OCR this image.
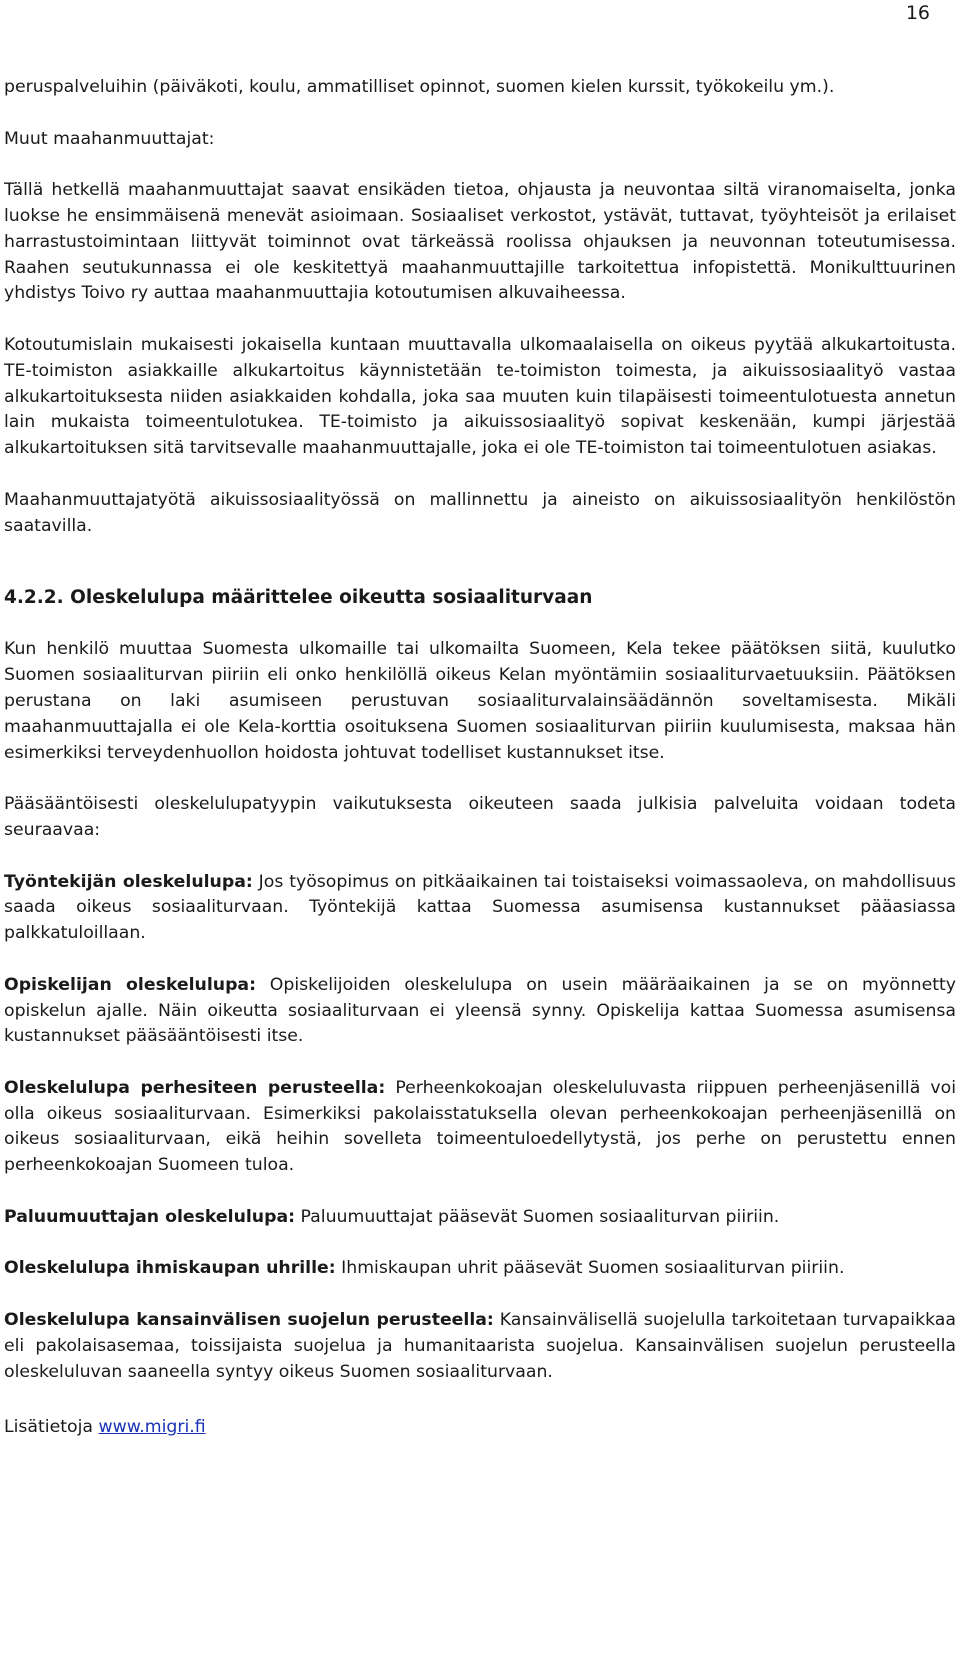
16

peruspalveluihin (päiväkoti, koulu, ammatilliset opinnot, suomen kielen kurssit, työkokeilu ym.).

Muut maahanmuuttajat:

Tällä hetkellä maahanmuuttajat saavat ensikäden tietoa, ohjausta ja neuvontaa siltä viranomaiselta, jonka luokse he ensimmäisenä menevät asioimaan. Sosiaaliset verkostot, ystävät, tuttavat, työyhteisöt ja erilaiset harrastustoimintaan liittyvät toiminnot ovat tärkeässä roolissa ohjauksen ja neuvonnan toteutumisessa. Raahen seutukunnassa ei ole keskitettyä maahanmuuttajille tarkoitettua infopistettä. Monikulttuurinen yhdistys Toivo ry auttaa maahanmuuttajia kotoutumisen alkuvaiheessa.

Kotoutumislain mukaisesti jokaisella kuntaan muuttavalla ulkomaalaisella on oikeus pyytää alkukartoitusta. TE-toimiston asiakkaille alkukartoitus käynnistetään te-toimiston toimesta, ja aikuissosiaalityö vastaa alkukartoituksesta niiden asiakkaiden kohdalla, joka saa muuten kuin tilapäisesti toimeentulotuesta annetun lain mukaista toimeentulotukea. TE-toimisto ja aikuissosiaalityö sopivat keskenään, kumpi järjestää alkukartoituksen sitä tarvitsevalle maahanmuuttajalle, joka ei ole TE-toimiston tai toimeentulotuen asiakas.

Maahanmuuttajatyötä aikuissosiaalityössä on mallinnettu ja aineisto on aikuissosiaalityön henkilöstön saatavilla.

4.2.2. Oleskelulupa määrittelee oikeutta sosiaaliturvaan

Kun henkilö muuttaa Suomesta ulkomaille tai ulkomailta Suomeen, Kela tekee päätöksen siitä, kuulutko Suomen sosiaaliturvan piiriin eli onko henkilöllä oikeus Kelan myöntämiin sosiaaliturvaetuuksiin. Päätöksen perustana on laki asumiseen perustuvan sosiaaliturvalainsäädännön soveltamisesta. Mikäli maahanmuuttajalla ei ole Kela-korttia osoituksena Suomen sosiaaliturvan piiriin kuulumisesta, maksaa hän esimerkiksi terveydenhuollon hoidosta johtuvat todelliset kustannukset itse.

Pääsääntöisesti oleskelulupatyypin vaikutuksesta oikeuteen saada julkisia palveluita voidaan todeta seuraavaa:

Työntekijän oleskelulupa: Jos työsopimus on pitkäaikainen tai toistaiseksi voimassaoleva, on mahdollisuus saada oikeus sosiaaliturvaan. Työntekijä kattaa Suomessa asumisensa kustannukset pääasiassa palkkatuloillaan.

Opiskelijan oleskelulupa: Opiskelijoiden oleskelulupa on usein määräaikainen ja se on myönnetty opiskelun ajalle. Näin oikeutta sosiaaliturvaan ei yleensä synny. Opiskelija kattaa Suomessa asumisensa kustannukset pääsääntöisesti itse.

Oleskelulupa perhesiteen perusteella: Perheenkokoajan oleskeluluvasta riippuen perheenjäsenillä voi olla oikeus sosiaaliturvaan. Esimerkiksi pakolaisstatuksella olevan perheenkokoajan perheenjäsenillä on oikeus sosiaaliturvaan, eikä heihin sovelleta toimeentuloedellytystä, jos perhe on perustettu ennen perheenkokoajan Suomeen tuloa.

Paluumuuttajan oleskelulupa: Paluumuuttajat pääsevät Suomen sosiaaliturvan piiriin.

Oleskelulupa ihmiskaupan uhrille: Ihmiskaupan uhrit pääsevät Suomen sosiaaliturvan piiriin.

Oleskelulupa kansainvälisen suojelun perusteella: Kansainvälisellä suojelulla tarkoitetaan turvapaikkaa eli pakolaisasemaa, toissijaista suojelua ja humanitaarista suojelua. Kansainvälisen suojelun perusteella oleskeluluvan saaneella syntyy oikeus Suomen sosiaaliturvaan.

Lisätietoja www.migri.fi
